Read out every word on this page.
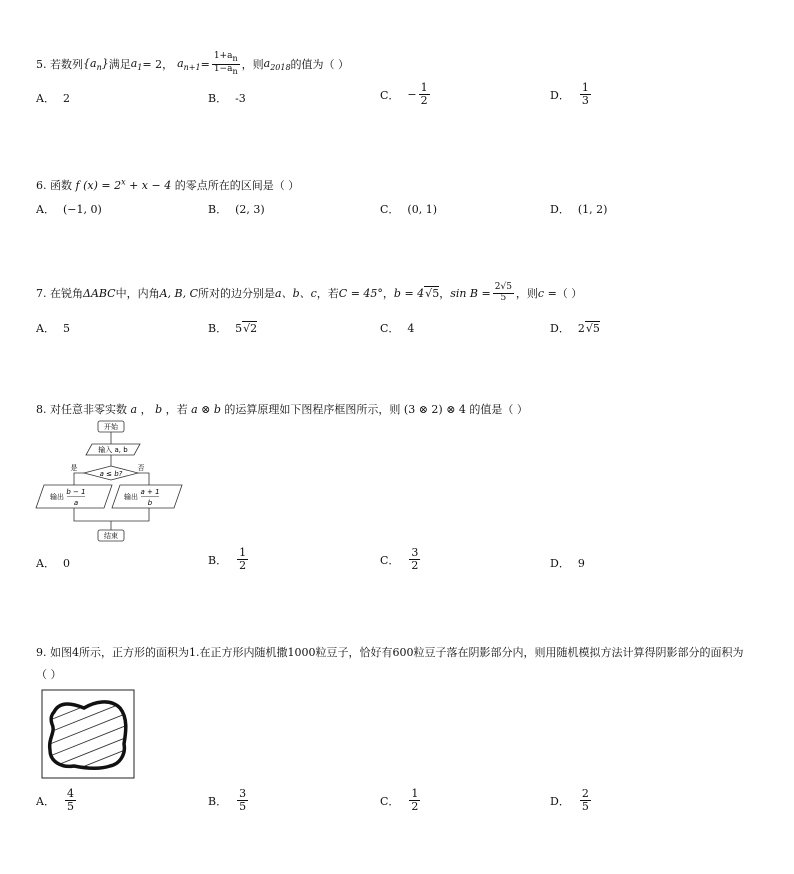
5. 若数列 $\{a_n\}$ 满足 $a_1 = 2$， $a_{n+1} = \frac{1+an}{1-an}$ ，则 $a_{2018}$ 的值为（ ）
A． 2	B． -3	C． − $\frac{1}{2}$	D． $\frac{1}{3}$
6. 函数 f $(x) = 2^x + x - 4$ 的零点所在的区间是（ ）
A． (−1, 0)	B． (2, 3)	C． (0, 1)	D． (1, 2)
7. 在锐角 ΔABC 中，内角 A, B, C 所对的边分别是 a、b、c ，若 C = 45° ， b = 4 √5 ， $\sin B = \frac{2√5}{5}$ ，则 c = （ ）
A． 5	B． 5 √2	C． 4	D． 2 √5
8. 对任意非零实数 a ， b ，若 a ⊗ b 的运算原理如下图程序框图所示，则 (3 ⊗ 2) ⊗ 4 的值是（ ）
开始
输入 a, b
a ≤ b?
是	否
输出
b − 1
a
输出
a + 1
b
结束
A． 0	B． $\frac{1}{2}$	C． $\frac{3}{2}$	D． 9
9. 如图4所示，正方形的面积为1.在正方形内随机撒1000粒豆子，恰好有600粒豆子落在阴影部分内，则用随机模拟方法计算得阴影部分的面积为
（ ）
A． $\frac{4}{5}$	B． $\frac{3}{5}$	C． $\frac{1}{2}$	D． $\frac{2}{5}$
